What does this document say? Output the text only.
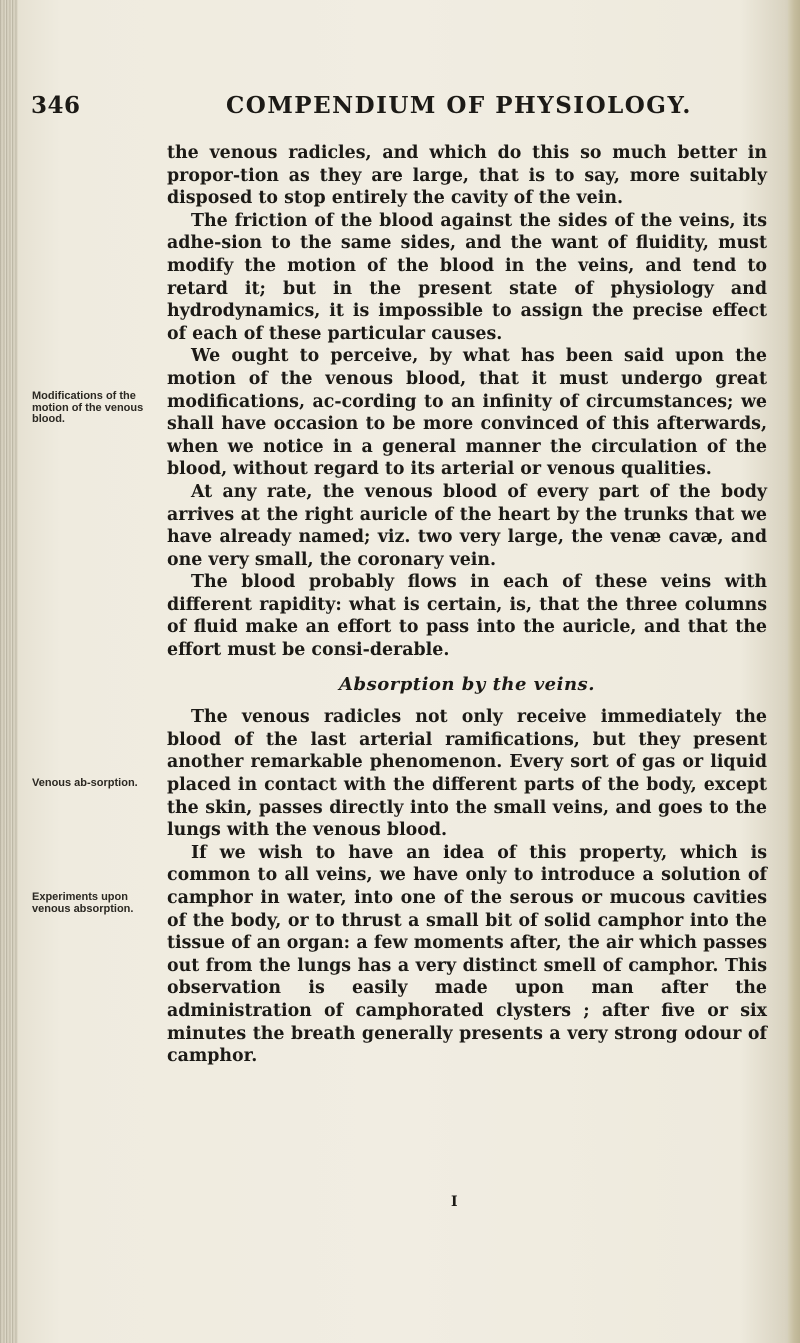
346	COMPENDIUM OF PHYSIOLOGY.
Modifications of the motion of the venous blood.
Venous ab-sorption.
Experiments upon venous absorption.

the venous radicles, and which do this so much better in propor-tion as they are large, that is to say, more suitably disposed to stop entirely the cavity of the vein.

The friction of the blood against the sides of the veins, its adhe-sion to the same sides, and the want of fluidity, must modify the motion of the blood in the veins, and tend to retard it; but in the present state of physiology and hydrodynamics, it is impossible to assign the precise effect of each of these particular causes.

We ought to perceive, by what has been said upon the motion of the venous blood, that it must undergo great modifications, ac-cording to an infinity of circumstances; we shall have occasion to be more convinced of this afterwards, when we notice in a general manner the circulation of the blood, without regard to its arterial or venous qualities.

At any rate, the venous blood of every part of the body arrives at the right auricle of the heart by the trunks that we have already named; viz. two very large, the venæ cavæ, and one very small, the coronary vein.

The blood probably flows in each of these veins with different rapidity: what is certain, is, that the three columns of fluid make an effort to pass into the auricle, and that the effort must be consi-derable.

Absorption by the veins.

The venous radicles not only receive immediately the blood of the last arterial ramifications, but they present another remarkable phenomenon. Every sort of gas or liquid placed in contact with the different parts of the body, except the skin, passes directly into the small veins, and goes to the lungs with the venous blood.

If we wish to have an idea of this property, which is common to all veins, we have only to introduce a solution of camphor in water, into one of the serous or mucous cavities of the body, or to thrust a small bit of solid camphor into the tissue of an organ: a few moments after, the air which passes out from the lungs has a very distinct smell of camphor. This observation is easily made upon man after the administration of camphorated clysters ; after five or six minutes the breath generally presents a very strong odour of camphor.

I
